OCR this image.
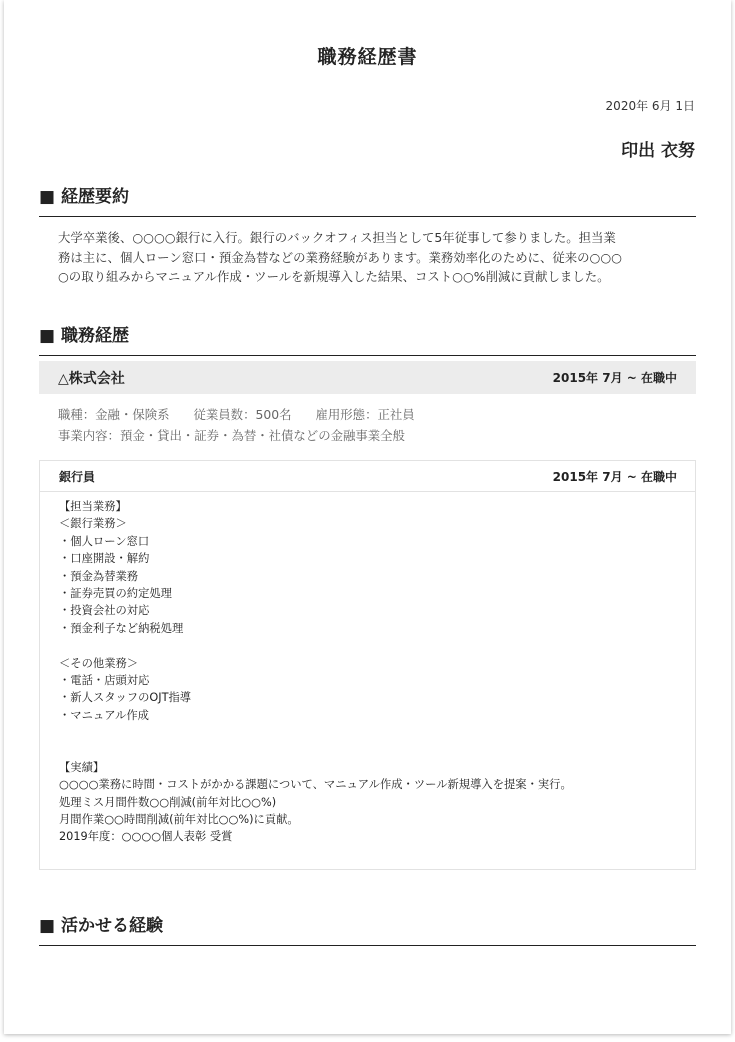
職務経歴書
2020年 6月 1日
印出 衣努
■ 経歴要約
大学卒業後、○○○○銀行に入行。銀行のバックオフィス担当として5年従事して参りました。担当業
務は主に、個人ローン窓口・預金為替などの業務経験があります。業務効率化のために、従来の○○○
○の取り組みからマニュアル作成・ツールを新規導入した結果、コスト○○%削減に貢献しました。
■ 職務経歴
△株式会社	2015年 7月 ~ 在職中
職種：金融・保険系 従業員数：500名 雇用形態：正社員
事業内容：預金・貸出・証券・為替・社債などの金融事業全般
銀行員	2015年 7月 ~ 在職中
【担当業務】
＜銀行業務＞
・個人ローン窓口
・口座開設・解約
・預金為替業務
・証券売買の約定処理
・投資会社の対応
・預金利子など納税処理
＜その他業務＞
・電話・店頭対応
・新人スタッフのOJT指導
・マニュアル作成
【実績】
○○○○業務に時間・コストがかかる課題について、マニュアル作成・ツール新規導入を提案・実行。
処理ミス月間件数○○削減(前年対比○○%)
月間作業○○時間削減(前年対比○○%)に貢献。
2019年度：○○○○個人表彰 受賞
■ 活かせる経験
